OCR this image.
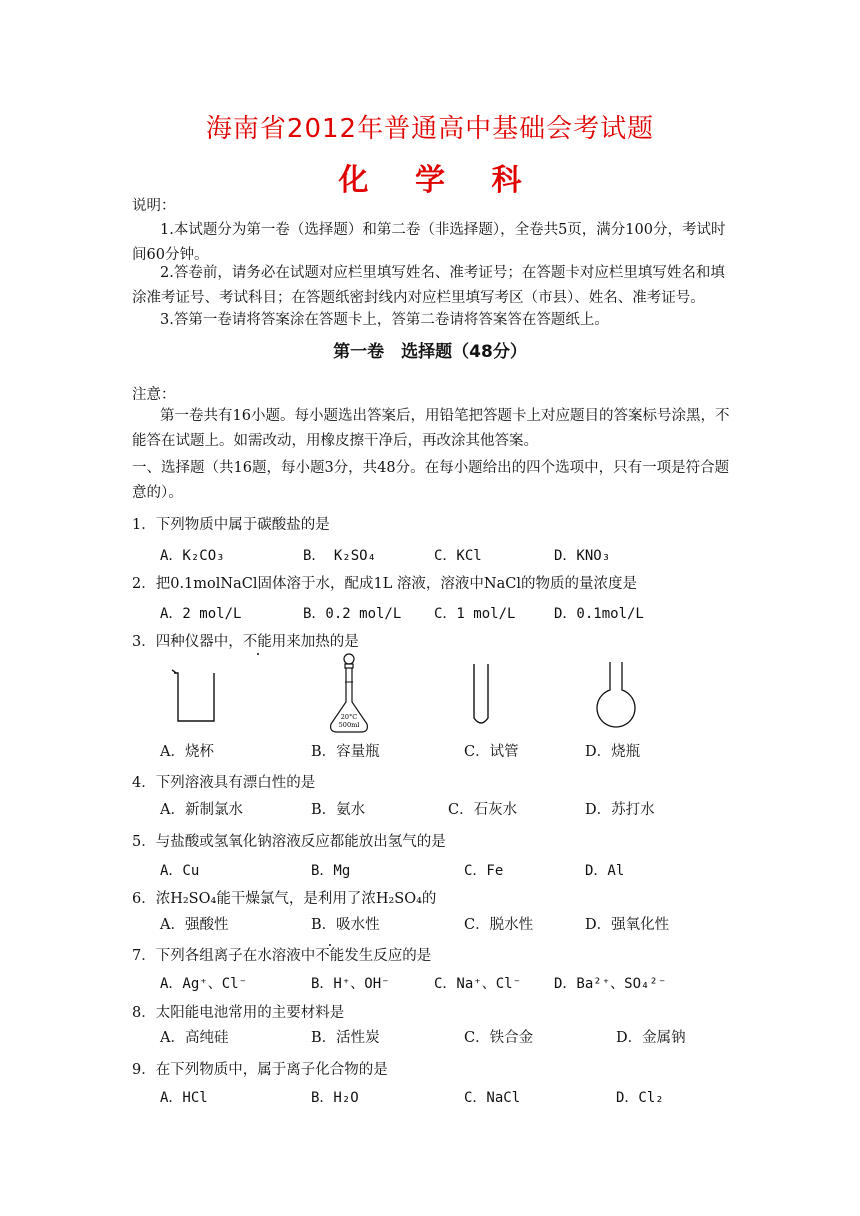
海南省2012年普通高中基础会考试题
化 学 科
说明：
1.本试题分为第一卷（选择题）和第二卷（非选择题），全卷共5页，满分100分，考试时间60分钟。
2.答卷前，请务必在试题对应栏里填写姓名、准考证号；在答题卡对应栏里填写姓名和填涂准考证号、考试科目；在答题纸密封线内对应栏里填写考区（市县）、姓名、准考证号。
3.答第一卷请将答案涂在答题卡上，答第二卷请将答案答在答题纸上。
第一卷　选择题（48分）
注意：
第一卷共有16小题。每小题选出答案后，用铅笔把答题卡上对应题目的答案标号涂黑，不能答在试题上。如需改动，用橡皮擦干净后，再改涂其他答案。
一、选择题（共16题，每小题3分，共48分。在每小题给出的四个选项中，只有一项是符合题意的）。
1．下列物质中属于碳酸盐的是
A．K₂CO₃	B． K₂SO₄	C．KCl	D．KNO₃
2．把0.1molNaCl固体溶于水，配成1L 溶液，溶液中NaCl的物质的量浓度是
A．2 mol/L	B．0.2 mol/L C．1 mol/L	D．0.1mol/L
3．四种仪器中，不能用来加热的是
20°C
500ml
A．烧杯	B．容量瓶	C．试管	D．烧瓶
4．下列溶液具有漂白性的是
A．新制氯水	B．氨水	C．石灰水	D．苏打水
5．与盐酸或氢氧化钠溶液反应都能放出氢气的是
A．Cu	B．Mg	C．Fe	D．Al
6．浓H₂SO₄能干燥氯气，是利用了浓H₂SO₄的
A．强酸性	B．吸水性	C．脱水性	D．强氧化性
7．下列各组离子在水溶液中不能发生反应的是
A．Ag⁺、Cl⁻	B．H⁺、OH⁻	C．Na⁺、Cl⁻ D．Ba²⁺、SO₄²⁻
8．太阳能电池常用的主要材料是
A．高纯硅	B．活性炭	C．铁合金	D．金属钠
9．在下列物质中，属于离子化合物的是
A．HCl	B．H₂O	C．NaCl	D．Cl₂
